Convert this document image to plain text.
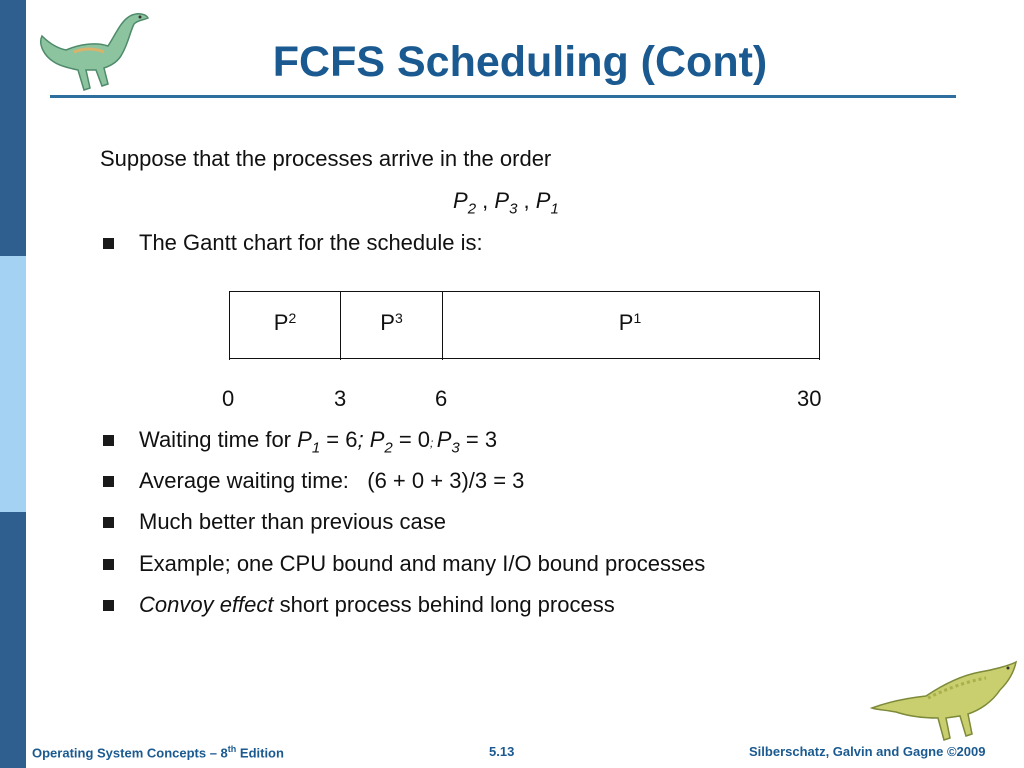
FCFS Scheduling (Cont)
Suppose that the processes arrive in the order
$P_2$ , $P_3$ , $P_1$
The Gantt chart for the schedule is:
$P^2$	$P^3$	$P^1$
0	3	6	30
Waiting time for $P_1 = 6$; $P_2 = 0$; $P_3 = 3$
Average waiting time:   (6 + 0 + 3)/3 = 3
Much better than previous case
Example; one CPU bound and many I/O bound processes
Convoy effect short process behind long process
Operating System Concepts – 8th Edition	5.13	Silberschatz, Galvin and Gagne ©2009
